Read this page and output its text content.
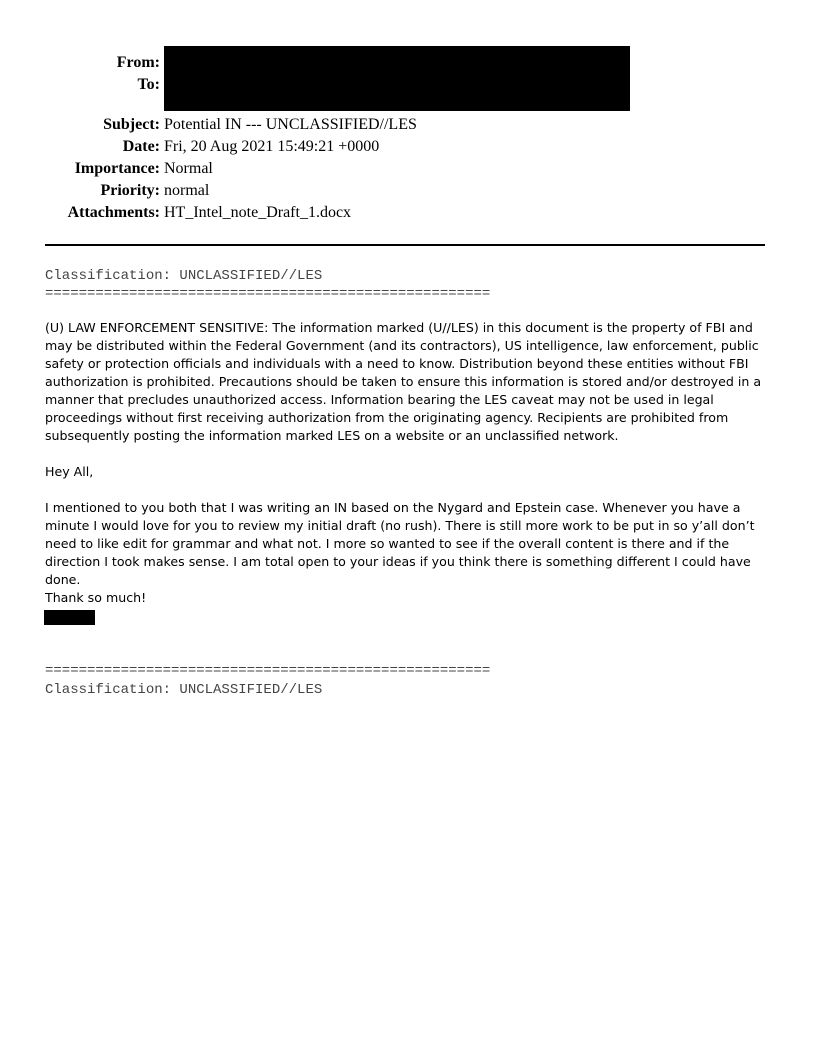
From:
To:
Subject: Potential IN --- UNCLASSIFIED//LES
Date: Fri, 20 Aug 2021 15:49:21 +0000
Importance: Normal
Priority: normal
Attachments: HT_Intel_note_Draft_1.docx
Classification: UNCLASSIFIED//LES
=====================================================
(U) LAW ENFORCEMENT SENSITIVE: The information marked (U//LES) in this document is the property of FBI and may be distributed within the Federal Government (and its contractors), US intelligence, law enforcement, public safety or protection officials and individuals with a need to know. Distribution beyond these entities without FBI authorization is prohibited. Precautions should be taken to ensure this information is stored and/or destroyed in a manner that precludes unauthorized access. Information bearing the LES caveat may not be used in legal proceedings without first receiving authorization from the originating agency. Recipients are prohibited from subsequently posting the information marked LES on a website or an unclassified network.
Hey All,
I mentioned to you both that I was writing an IN based on the Nygard and Epstein case. Whenever you have a minute I would love for you to review my initial draft (no rush). There is still more work to be put in so y’all don’t need to like edit for grammar and what not. I more so wanted to see if the overall content is there and if the direction I took makes sense. I am total open to your ideas if you think there is something different I could have done.
Thank so much!
=====================================================
Classification: UNCLASSIFIED//LES
